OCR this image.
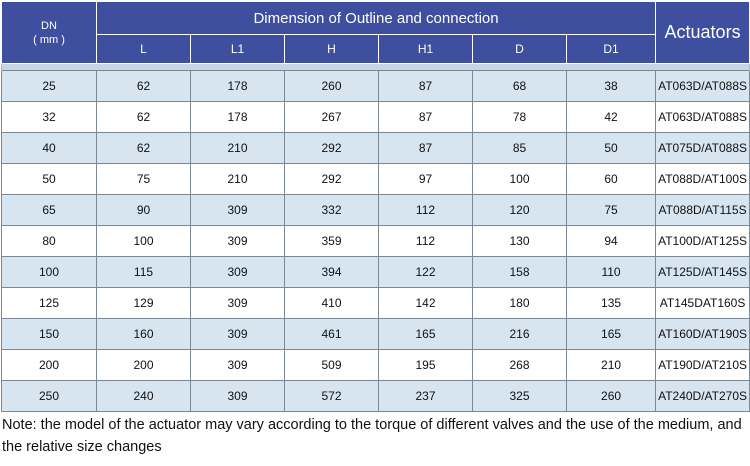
DN
( mm )	Dimension of Outline and connection						Actuators
	L	L1	H	H1	D	D1	

25	62	178	260	87	68	38	AT063D/AT088S
32	62	178	267	87	78	42	AT063D/AT088S
40	62	210	292	87	85	50	AT075D/AT088S
50	75	210	292	97	100	60	AT088D/AT100S
65	90	309	332	112	120	75	AT088D/AT115S
80	100	309	359	112	130	94	AT100D/AT125S
100	115	309	394	122	158	110	AT125D/AT145S
125	129	309	410	142	180	135	AT145DAT160S
150	160	309	461	165	216	165	AT160D/AT190S
200	200	309	509	195	268	210	AT190D/AT210S
250	240	309	572	237	325	260	AT240D/AT270S
Note: the model of the actuator may vary according to the torque of different valves and the use of the medium, and the relative size changes
